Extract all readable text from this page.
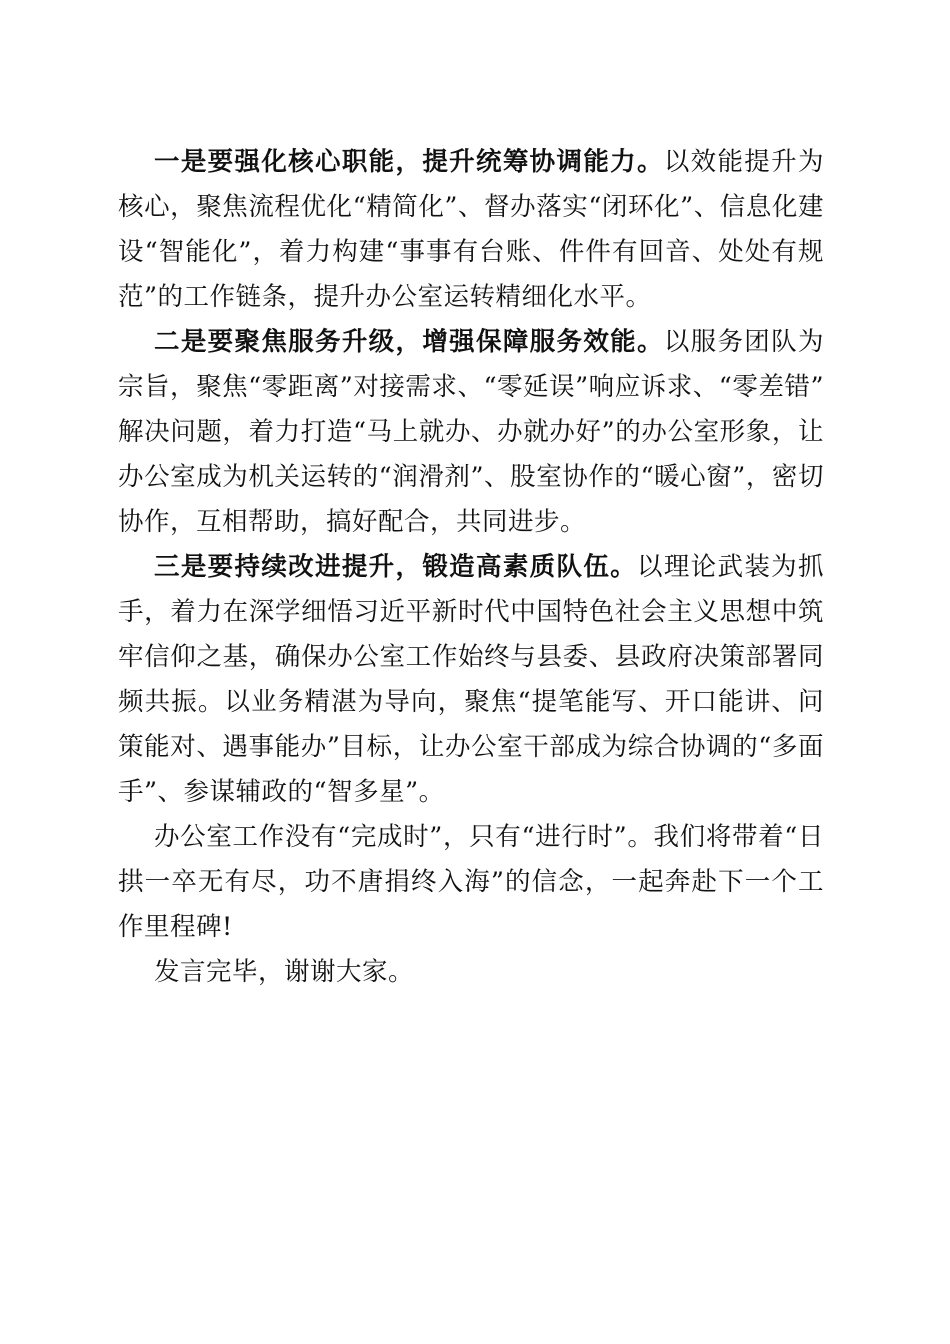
一是要强化核心职能，提升统筹协调能力。以效能提升为核心，聚焦流程优化“精简化”、督办落实“闭环化”、信息化建设“智能化”，着力构建“事事有台账、件件有回音、处处有规范”的工作链条，提升办公室运转精细化水平。

二是要聚焦服务升级，增强保障服务效能。以服务团队为宗旨，聚焦“零距离”对接需求、“零延误”响应诉求、“零差错” 解决问题，着力打造“马上就办、办就办好”的办公室形象，让办公室成为机关运转的“润滑剂”、股室协作的“暖心窗”，密切协作，互相帮助，搞好配合，共同进步。

三是要持续改进提升，锻造高素质队伍。以理论武装为抓手，着力在深学细悟习近平新时代中国特色社会主义思想中筑牢信仰之基，确保办公室工作始终与县委、县政府决策部署同频共振。以业务精湛为导向，聚焦“提笔能写、开口能讲、问策能对、遇事能办”目标，让办公室干部成为综合协调的“多面手”、参谋辅政的“智多星”。

办公室工作没有“完成时”，只有“进行时”。我们将带着“日拱一卒无有尽，功不唐捐终入海”的信念，一起奔赴下一个工作里程碑!

发言完毕，谢谢大家。
